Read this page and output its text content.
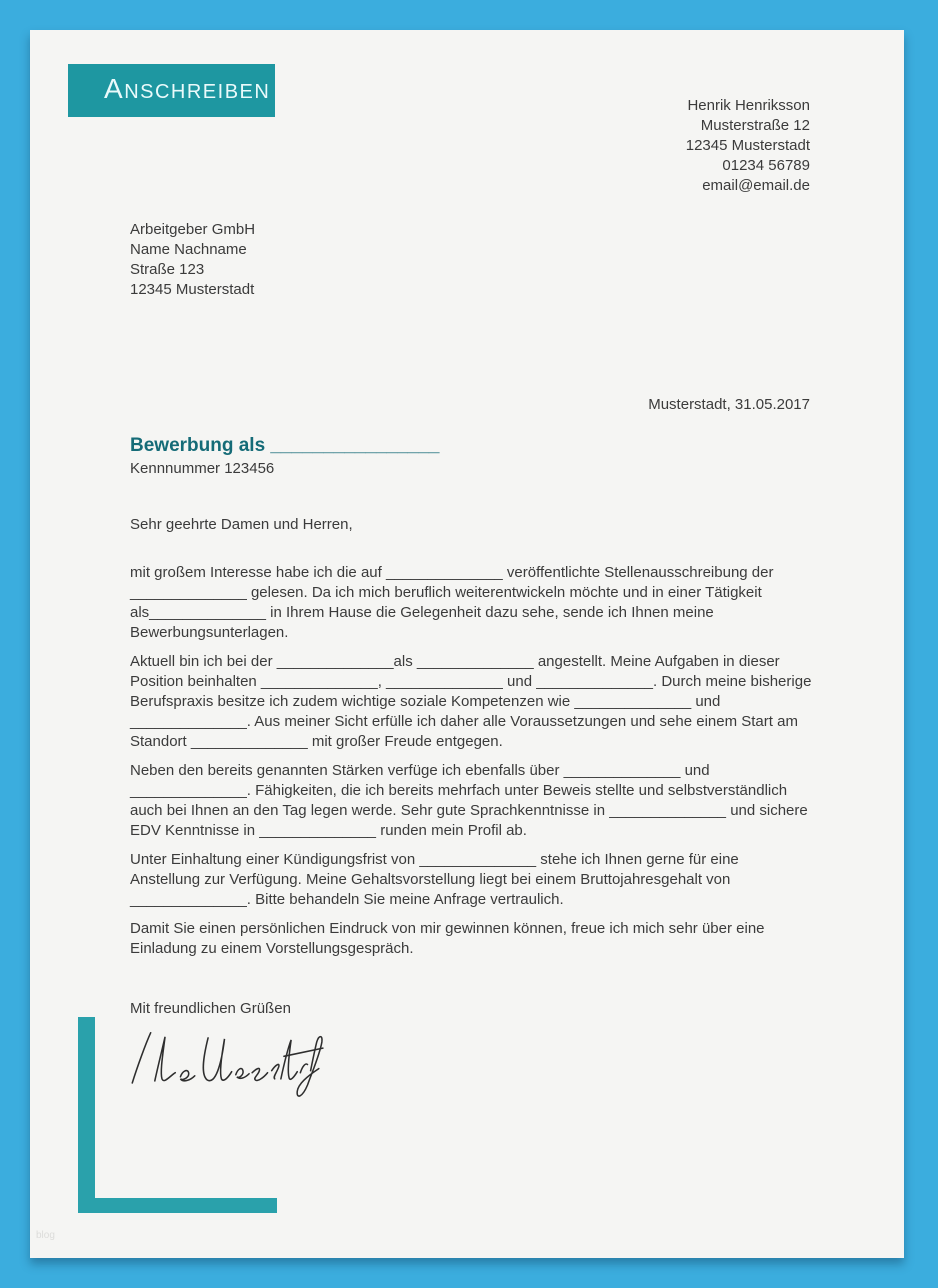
ANSCHREIBEN
Henrik Henriksson
Musterstraße 12
12345 Musterstadt
01234 56789
email@email.de
Arbeitgeber GmbH
Name Nachname
Straße 123
12345 Musterstadt
Musterstadt, 31.05.2017
Bewerbung als ________________
Kennnummer 123456

Sehr geehrte Damen und Herren,

mit großem Interesse habe ich die auf ______________ veröffentlichte Stellenausschreibung der ______________ gelesen. Da ich mich beruflich weiterentwickeln möchte und in einer Tätigkeit als______________ in Ihrem Hause die Gelegenheit dazu sehe, sende ich Ihnen meine Bewerbungsunterlagen.

Aktuell bin ich bei der ______________als ______________ angestellt. Meine Aufgaben in dieser Position beinhalten ______________, ______________ und ______________. Durch meine bisherige Berufspraxis besitze ich zudem wichtige soziale Kompetenzen wie ______________ und ______________. Aus meiner Sicht erfülle ich daher alle Voraussetzungen und sehe einem Start am Standort ______________ mit großer Freude entgegen.

Neben den bereits genannten Stärken verfüge ich ebenfalls über ______________ und ______________. Fähigkeiten, die ich bereits mehrfach unter Beweis stellte und selbstverständlich auch bei Ihnen an den Tag legen werde. Sehr gute Sprachkenntnisse in ______________ und sichere EDV Kenntnisse in ______________ runden mein Profil ab.

Unter Einhaltung einer Kündigungsfrist von ______________ stehe ich Ihnen gerne für eine Anstellung zur Verfügung. Meine Gehaltsvorstellung liegt bei einem Bruttojahresgehalt von ______________. Bitte behandeln Sie meine Anfrage vertraulich.

Damit Sie einen persönlichen Eindruck von mir gewinnen können, freue ich mich sehr über eine Einladung zu einem Vorstellungsgespräch.

Mit freundlichen Grüßen

blog
